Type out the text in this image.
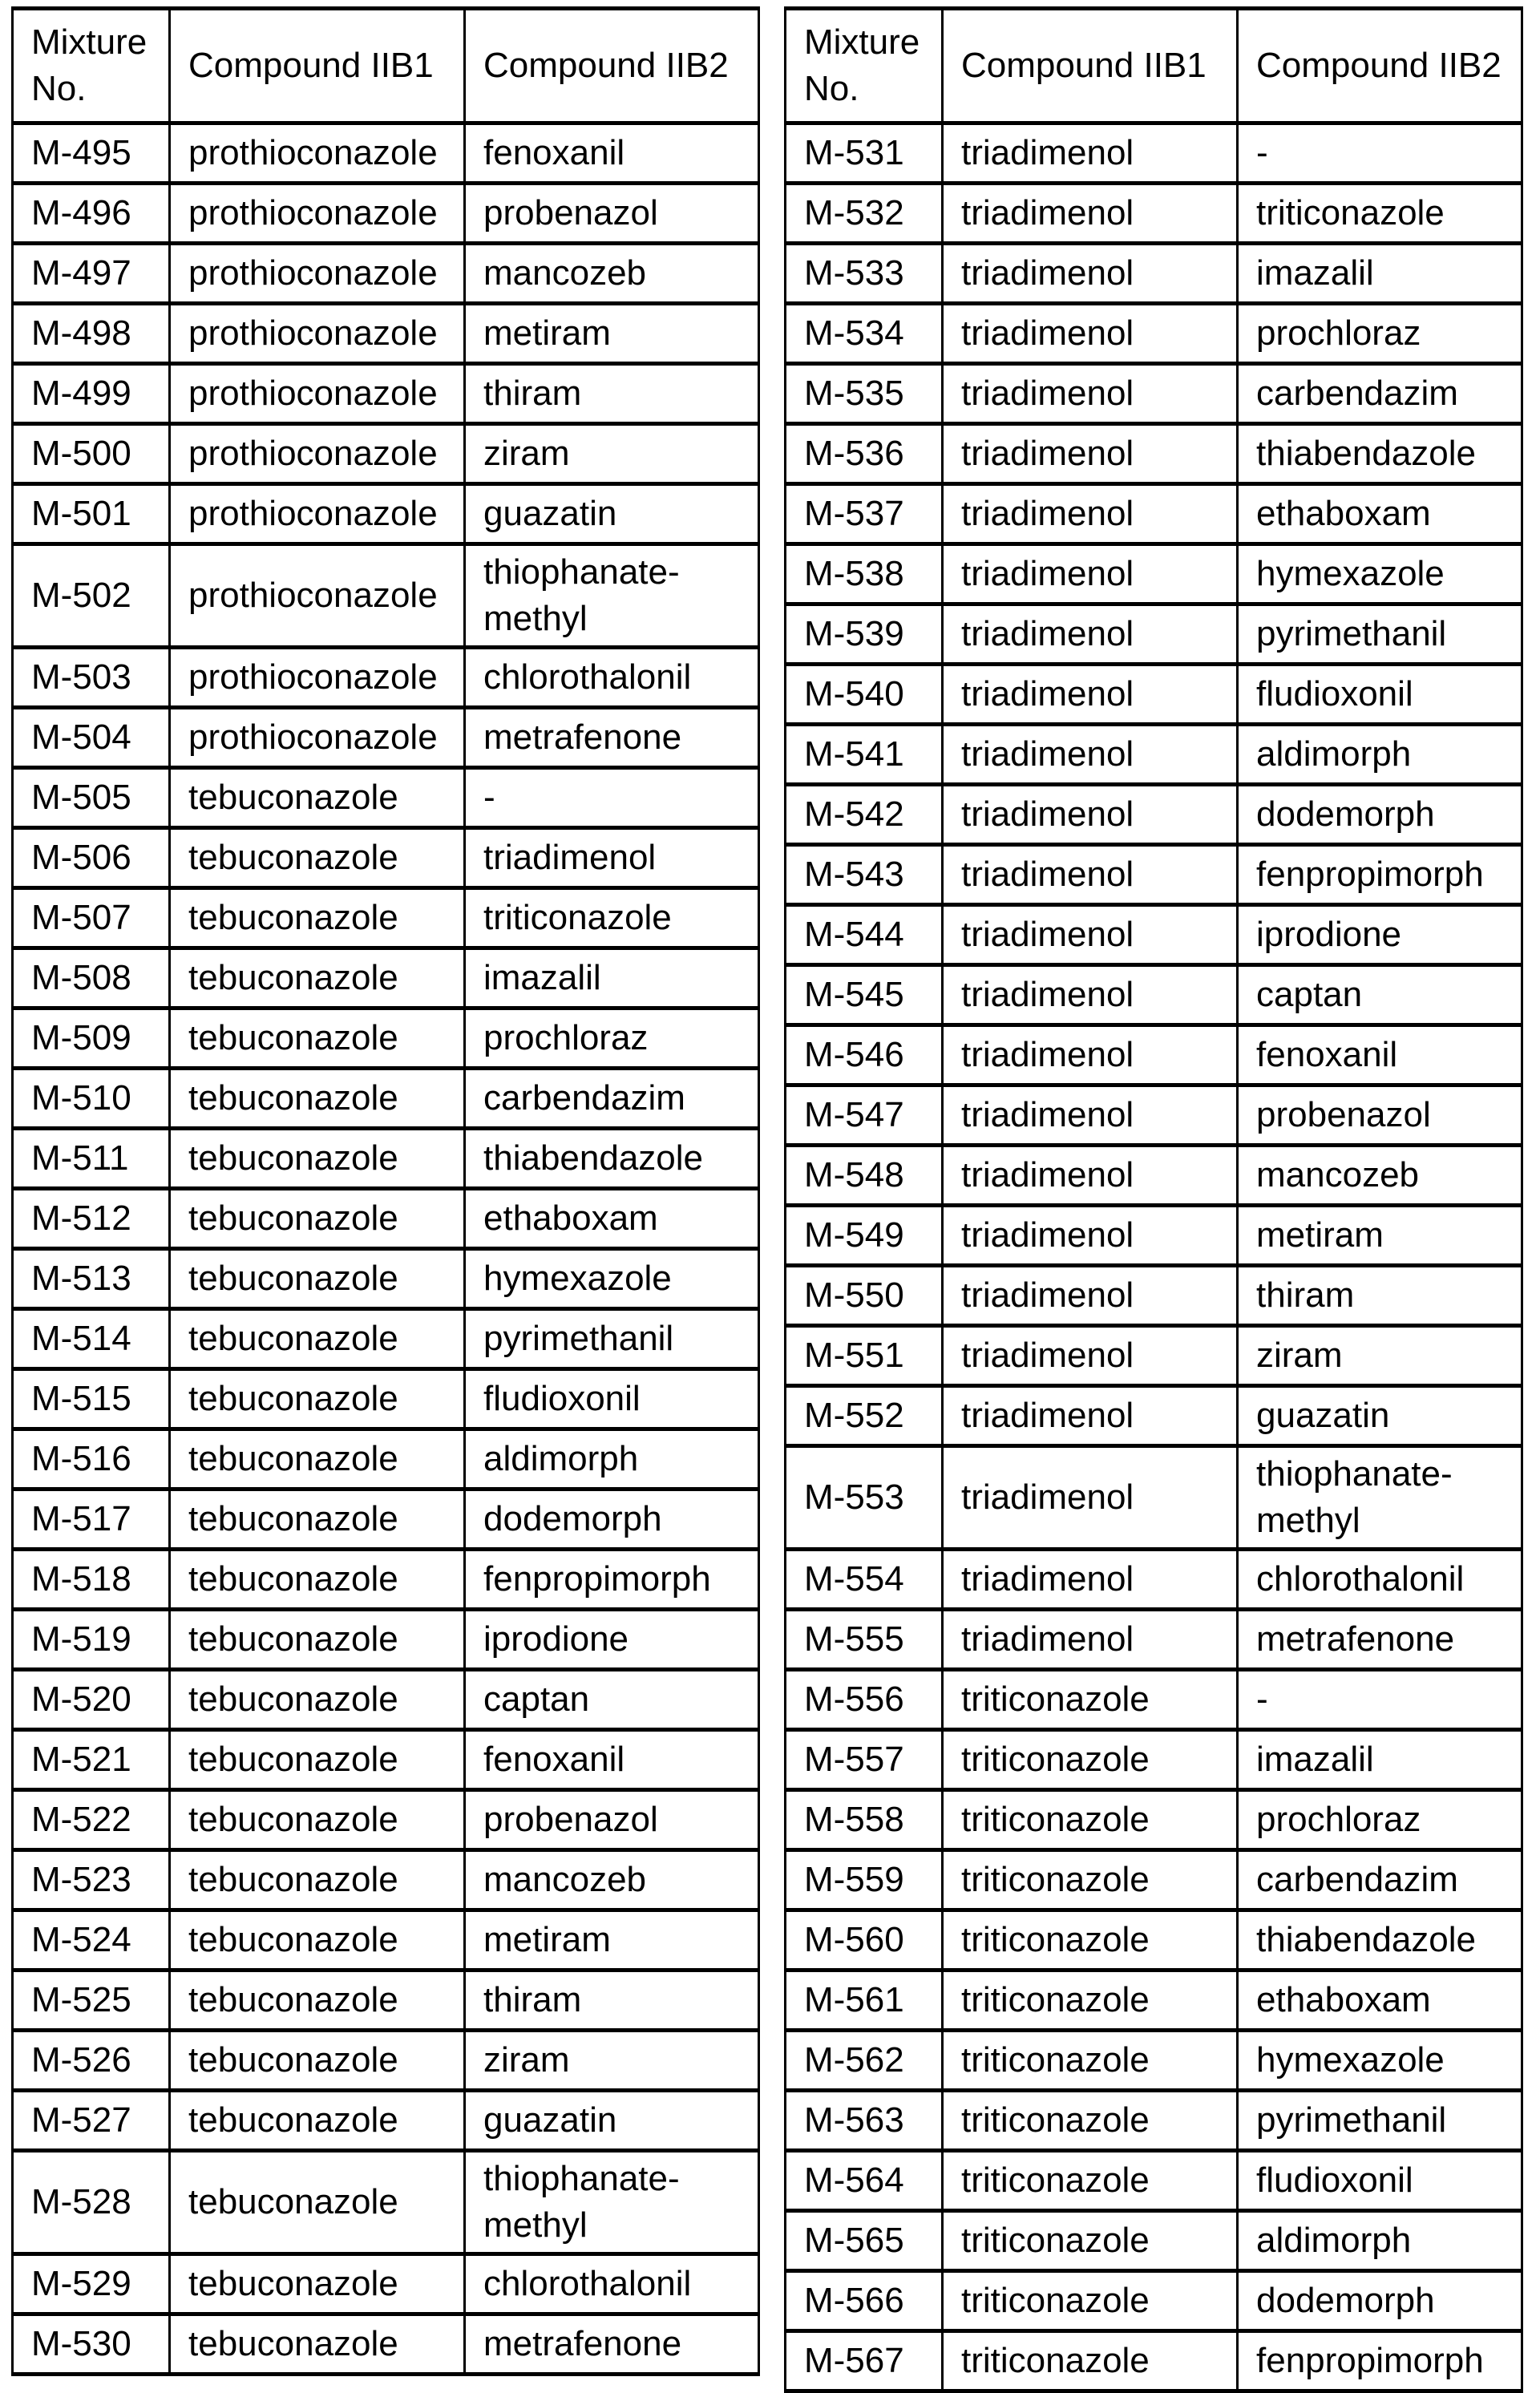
Mixture No.	Compound IIB1	Compound IIB2
M-495	prothioconazole	fenoxanil
M-496	prothioconazole	probenazol
M-497	prothioconazole	mancozeb
M-498	prothioconazole	metiram
M-499	prothioconazole	thiram
M-500	prothioconazole	ziram
M-501	prothioconazole	guazatin
M-502	prothioconazole	thiophanate-methyl
M-503	prothioconazole	chlorothalonil
M-504	prothioconazole	metrafenone
M-505	tebuconazole	-
M-506	tebuconazole	triadimenol
M-507	tebuconazole	triticonazole
M-508	tebuconazole	imazalil
M-509	tebuconazole	prochloraz
M-510	tebuconazole	carbendazim
M-511	tebuconazole	thiabendazole
M-512	tebuconazole	ethaboxam
M-513	tebuconazole	hymexazole
M-514	tebuconazole	pyrimethanil
M-515	tebuconazole	fludioxonil
M-516	tebuconazole	aldimorph
M-517	tebuconazole	dodemorph
M-518	tebuconazole	fenpropimorph
M-519	tebuconazole	iprodione
M-520	tebuconazole	captan
M-521	tebuconazole	fenoxanil
M-522	tebuconazole	probenazol
M-523	tebuconazole	mancozeb
M-524	tebuconazole	metiram
M-525	tebuconazole	thiram
M-526	tebuconazole	ziram
M-527	tebuconazole	guazatin
M-528	tebuconazole	thiophanate-methyl
M-529	tebuconazole	chlorothalonil
M-530	tebuconazole	metrafenone
Mixture No.	Compound IIB1	Compound IIB2
M-531	triadimenol	-
M-532	triadimenol	triticonazole
M-533	triadimenol	imazalil
M-534	triadimenol	prochloraz
M-535	triadimenol	carbendazim
M-536	triadimenol	thiabendazole
M-537	triadimenol	ethaboxam
M-538	triadimenol	hymexazole
M-539	triadimenol	pyrimethanil
M-540	triadimenol	fludioxonil
M-541	triadimenol	aldimorph
M-542	triadimenol	dodemorph
M-543	triadimenol	fenpropimorph
M-544	triadimenol	iprodione
M-545	triadimenol	captan
M-546	triadimenol	fenoxanil
M-547	triadimenol	probenazol
M-548	triadimenol	mancozeb
M-549	triadimenol	metiram
M-550	triadimenol	thiram
M-551	triadimenol	ziram
M-552	triadimenol	guazatin
M-553	triadimenol	thiophanate-methyl
M-554	triadimenol	chlorothalonil
M-555	triadimenol	metrafenone
M-556	triticonazole	-
M-557	triticonazole	imazalil
M-558	triticonazole	prochloraz
M-559	triticonazole	carbendazim
M-560	triticonazole	thiabendazole
M-561	triticonazole	ethaboxam
M-562	triticonazole	hymexazole
M-563	triticonazole	pyrimethanil
M-564	triticonazole	fludioxonil
M-565	triticonazole	aldimorph
M-566	triticonazole	dodemorph
M-567	triticonazole	fenpropimorph
